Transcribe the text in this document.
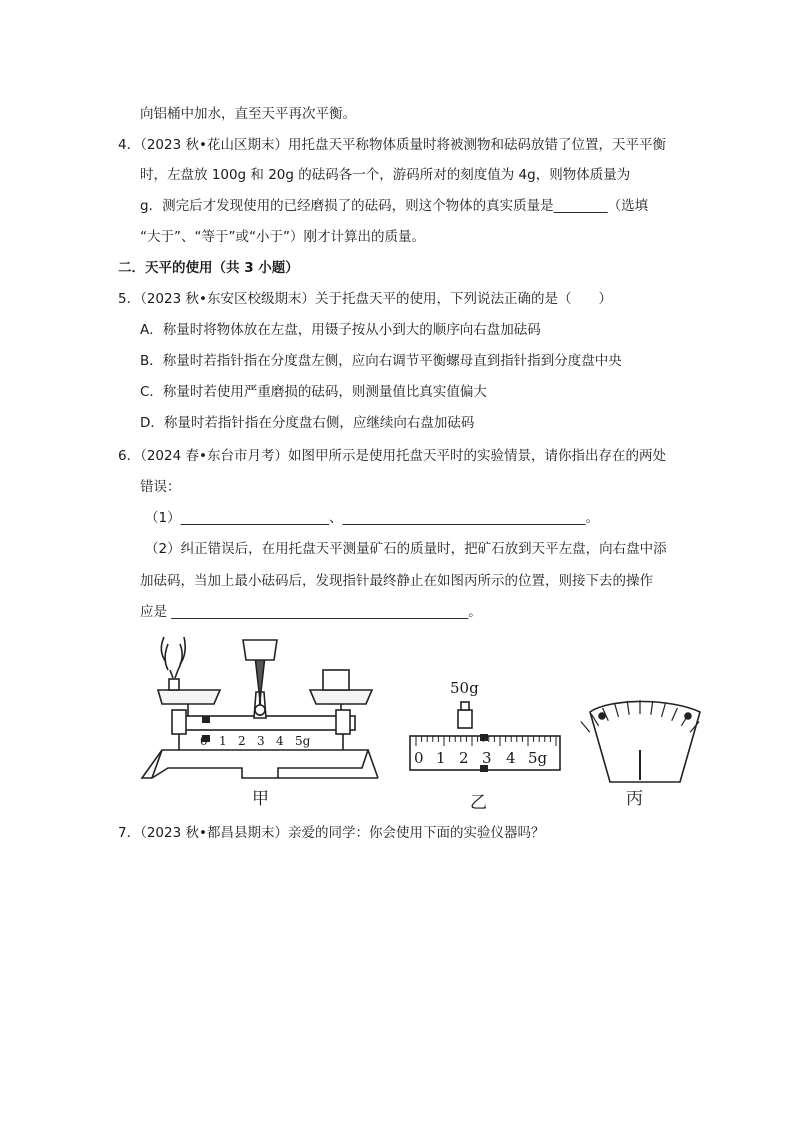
向铝桶中加水，直至天平再次平衡。
4．（2023 秋•花山区期末）用托盘天平称物体质量时将被测物和砝码放错了位置，天平平衡
时，左盘放 100g 和 20g 的砝码各一个，游码所对的刻度值为 4g，则物体质量为
g．测完后才发现使用的已经磨损了的砝码，则这个物体的真实质量是________（选填
“大于”、“等于”或“小于”）刚才计算出的质量。
二．天平的使用（共 3 小题）
5．（2023 秋•东安区校级期末）关于托盘天平的使用，下列说法正确的是（　　）
A．称量时将物体放在左盘，用镊子按从小到大的顺序向右盘加砝码
B．称量时若指针指在分度盘左侧，应向右调节平衡螺母直到指针指到分度盘中央
C．称量时若使用严重磨损的砝码，则测量值比真实值偏大
D．称量时若指针指在分度盘右侧，应继续向右盘加砝码
6．（2024 春•东台市月考）如图甲所示是使用托盘天平时的实验情景，请你指出存在的两处
错误：
（1）______________________、____________________________________。
（2）纠正错误后，在用托盘天平测量矿石的质量时，把矿石放到天平左盘，向右盘中添
加砝码，当加上最小砝码后，发现指针最终静止在如图丙所示的位置，则接下去的操作
应是 ____________________________________________。
0 1 2 3 4 5g
0 1 2 3 4 5g
50g
甲	乙	丙
7．（2023 秋•都昌县期末）亲爱的同学：你会使用下面的实验仪器吗？
